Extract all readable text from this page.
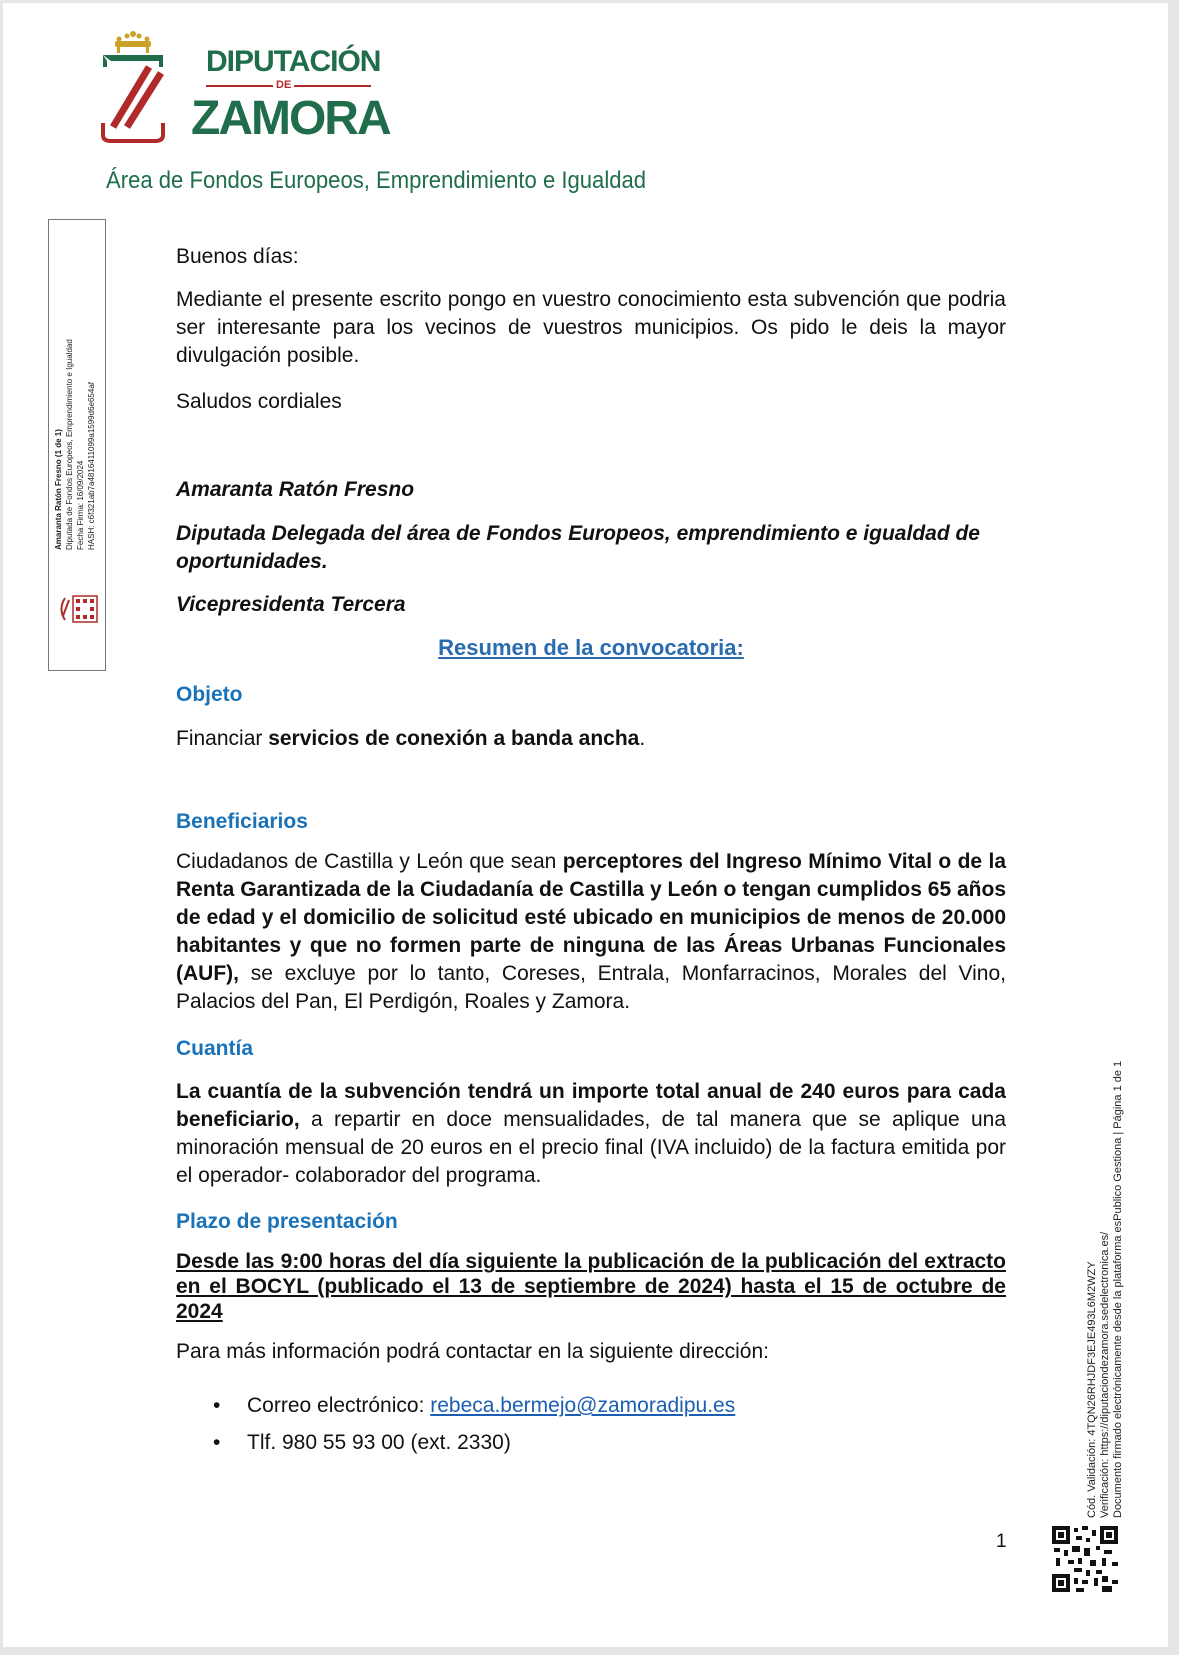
DIPUTACIÓN
DE
ZAMORA
Área de Fondos Europeos, Emprendimiento e Igualdad
Amaranta Ratón Fresno (1 de 1) Diputada de Fondos Europeos, Emprendimiento e Igualdad Fecha Firma: 16/09/2024 HASH: c6f321ab7a4816411099a1599d6e654af
Buenos días:
Mediante el presente escrito pongo en vuestro conocimiento esta subvención que podria ser interesante para los vecinos de vuestros municipios. Os pido le deis la mayor divulgación posible.
Saludos cordiales
Amaranta Ratón Fresno
Diputada Delegada del área de Fondos Europeos, emprendimiento e igualdad de oportunidades.
Vicepresidenta Tercera
Resumen de la convocatoria:
Objeto
Financiar servicios de conexión a banda ancha.
Beneficiarios
Ciudadanos de Castilla y León que sean perceptores del Ingreso Mínimo Vital o de la Renta Garantizada de la Ciudadanía de Castilla y León o tengan cumplidos 65 años de edad y el domicilio de solicitud esté ubicado en municipios de menos de 20.000 habitantes y que no formen parte de ninguna de las Áreas Urbanas Funcionales (AUF), se excluye por lo tanto, Coreses, Entrala, Monfarracinos, Morales del Vino, Palacios del Pan, El Perdigón, Roales y Zamora.
Cuantía
La cuantía de la subvención tendrá un importe total anual de 240 euros para cada beneficiario, a repartir en doce mensualidades, de tal manera que se aplique una minoración mensual de 20 euros en el precio final (IVA incluido) de la factura emitida por el operador- colaborador del programa.
Plazo de presentación
Desde las 9:00 horas del día siguiente la publicación de la publicación del extracto en el BOCYL (publicado el 13 de septiembre de 2024) hasta el 15 de octubre de 2024
Para más información podrá contactar en la siguiente dirección:
• Correo electrónico: rebeca.bermejo@zamoradipu.es
• Tlf. 980 55 93 00 (ext. 2330)
1
Cód. Validación: 4TQN26RHJDF3EJE493L6M2WZY Verificación: https://diputaciondezamora.sedelectronica.es/ Documento firmado electrónicamente desde la plataforma esPublico Gestiona | Página 1 de 1
